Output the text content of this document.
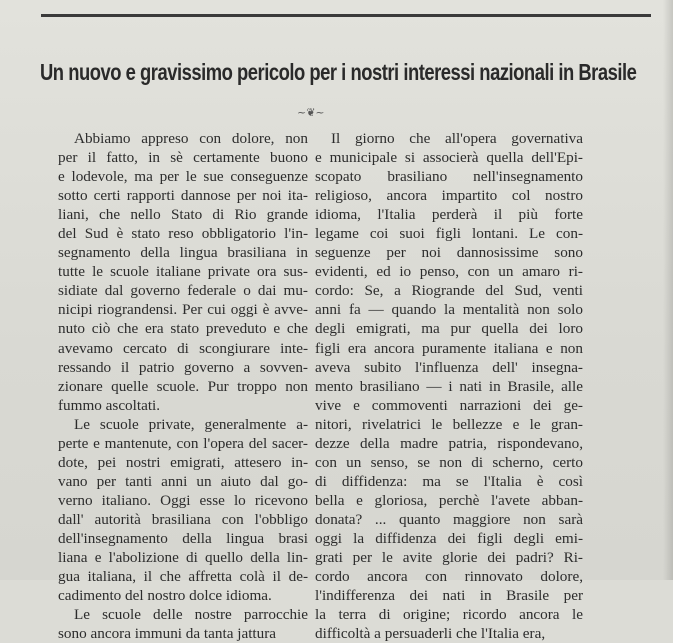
Un nuovo e gravissimo pericolo per i nostri interessi nazionali in Brasile
~❦~
Abbiamo appreso con dolore, non
per il fatto, in sè certamente buono
e lodevole, ma per le sue conseguenze
sotto certi rapporti dannose per noi ita-
liani, che nello Stato di Rio grande
del Sud è stato reso obbligatorio l'in-
segnamento della lingua brasiliana in
tutte le scuole italiane private ora sus-
sidiate dal governo federale o dai mu-
nicipi riograndensi. Per cui oggi è avve-
nuto ciò che era stato preveduto e che
avevamo cercato di scongiurare inte-
ressando il patrio governo a sovven-
zionare quelle scuole. Pur troppo non
fummo ascoltati.
Le scuole private, generalmente a-
perte e mantenute, con l'opera del sacer-
dote, pei nostri emigrati, attesero in-
vano per tanti anni un aiuto dal go-
verno italiano. Oggi esse lo ricevono
dall' autorità brasiliana con l'obbligo
dell'insegnamento della lingua brasi
liana e l'abolizione di quello della lin-
gua italiana, il che affretta colà il de-
cadimento del nostro dolce idioma.
Le scuole delle nostre parrocchie
sono ancora immuni da tanta jattura
Il giorno che all'opera governativa
e municipale si associerà quella dell'Epi-
scopato brasiliano nell'insegnamento
religioso, ancora impartito col nostro
idioma, l'Italia perderà il più forte
legame coi suoi figli lontani. Le con-
seguenze per noi dannosissime sono
evidenti, ed io penso, con un amaro ri-
cordo: Se, a Riogrande del Sud, venti
anni fa — quando la mentalità non solo
degli emigrati, ma pur quella dei loro
figli era ancora puramente italiana e non
aveva subito l'influenza dell' insegna-
mento brasiliano — i nati in Brasile, alle
vive e commoventi narrazioni dei ge-
nitori, rivelatrici le bellezze e le gran-
dezze della madre patria, rispondevano,
con un senso, se non di scherno, certo
di diffidenza: ma se l'Italia è così
bella e gloriosa, perchè l'avete abban-
donata? ... quanto maggiore non sarà
oggi la diffidenza dei figli degli emi-
grati per le avite glorie dei padri? Ri-
cordo ancora con rinnovato dolore,
l'indifferenza dei nati in Brasile per
la terra di origine; ricordo ancora le
difficoltà a persuaderli che l'Italia era,
